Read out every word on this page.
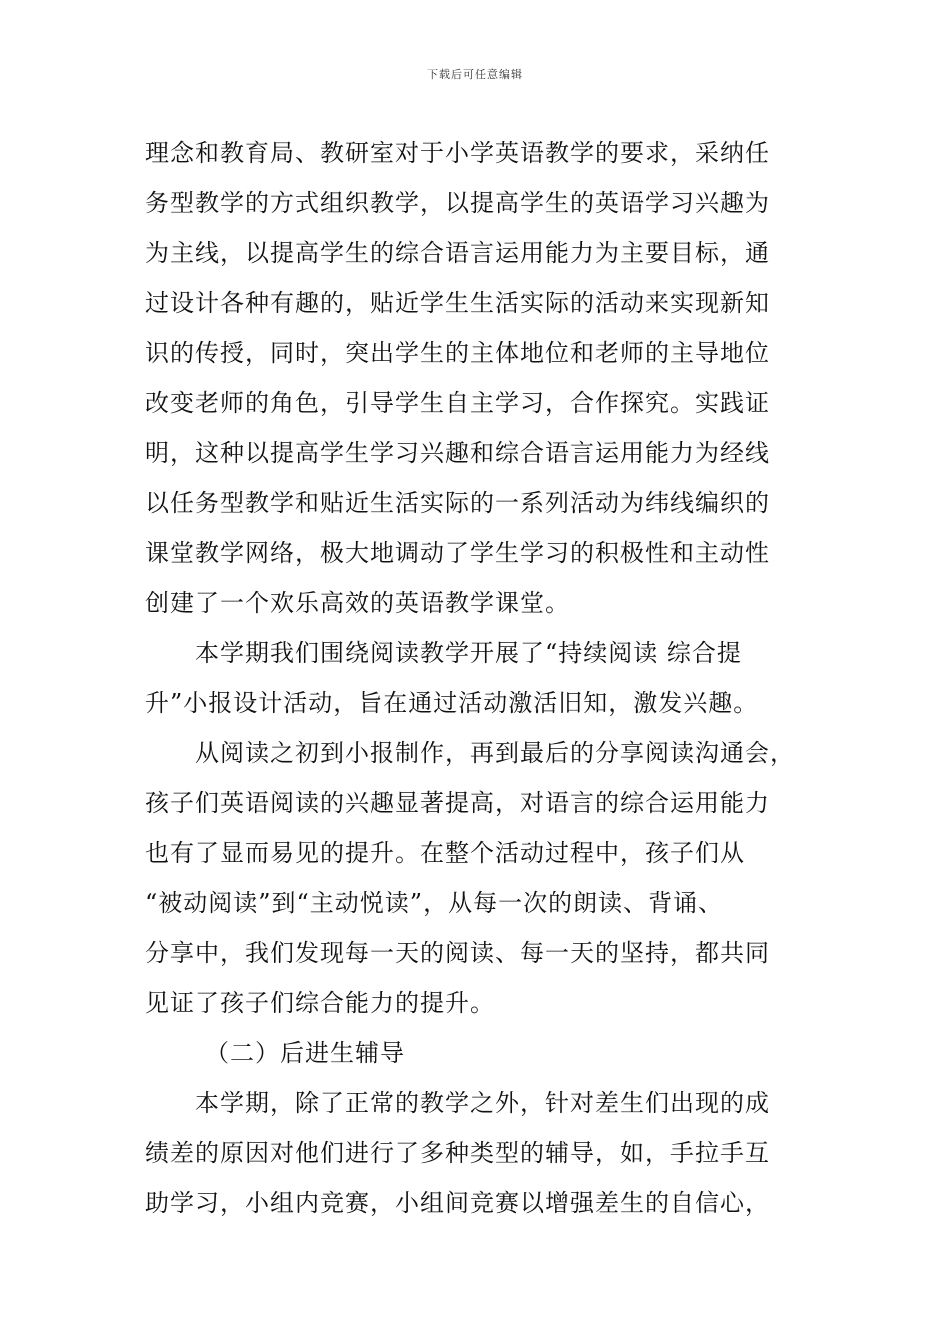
下载后可任意编辑
理念和教育局、教研室对于小学英语教学的要求，采纳任
务型教学的方式组织教学，以提高学生的英语学习兴趣为
为主线，以提高学生的综合语言运用能力为主要目标，通
过设计各种有趣的，贴近学生生活实际的活动来实现新知
识的传授，同时，突出学生的主体地位和老师的主导地位
改变老师的角色，引导学生自主学习，合作探究。实践证
明，这种以提高学生学习兴趣和综合语言运用能力为经线
以任务型教学和贴近生活实际的一系列活动为纬线编织的
课堂教学网络，极大地调动了学生学习的积极性和主动性
创建了一个欢乐高效的英语教学课堂。
本学期我们围绕阅读教学开展了“持续阅读 综合提
升”小报设计活动，旨在通过活动激活旧知，激发兴趣。
从阅读之初到小报制作，再到最后的分享阅读沟通会，
孩子们英语阅读的兴趣显著提高，对语言的综合运用能力
也有了显而易见的提升。在整个活动过程中，孩子们从
“被动阅读”到“主动悦读”，从每一次的朗读、背诵、
分享中，我们发现每一天的阅读、每一天的坚持，都共同
见证了孩子们综合能力的提升。
（二）后进生辅导
本学期，除了正常的教学之外，针对差生们出现的成
绩差的原因对他们进行了多种类型的辅导，如，手拉手互
助学习，小组内竞赛，小组间竞赛以增强差生的自信心，
